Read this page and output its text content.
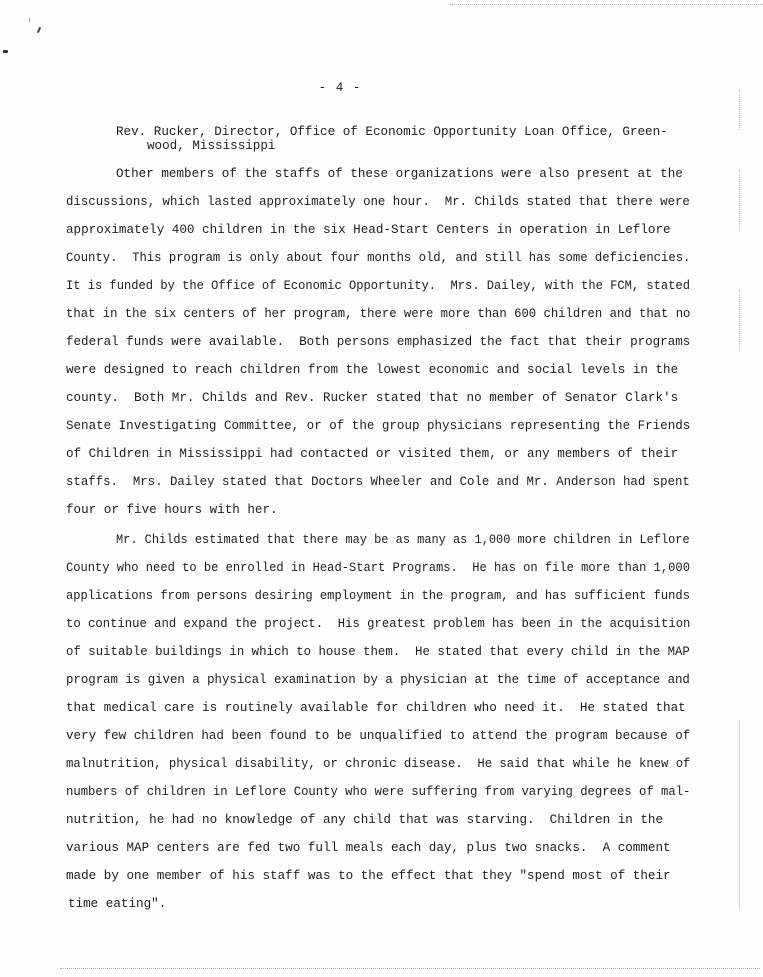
- 4 -
Rev. Rucker, Director, Office of Economic Opportunity Loan Office, Green-
wood, Mississippi
Other members of the staffs of these organizations were also present at the
discussions, which lasted approximately one hour.  Mr. Childs stated that there were
approximately 400 children in the six Head-Start Centers in operation in Leflore
County.  This program is only about four months old, and still has some deficiencies.
It is funded by the Office of Economic Opportunity.  Mrs. Dailey, with the FCM, stated
that in the six centers of her program, there were more than 600 children and that no
federal funds were available.  Both persons emphasized the fact that their programs
were designed to reach children from the lowest economic and social levels in the
county.  Both Mr. Childs and Rev. Rucker stated that no member of Senator Clark's
Senate Investigating Committee, or of the group physicians representing the Friends
of Children in Mississippi had contacted or visited them, or any members of their
staffs.  Mrs. Dailey stated that Doctors Wheeler and Cole and Mr. Anderson had spent
four or five hours with her.
Mr. Childs estimated that there may be as many as 1,000 more children in Leflore
County who need to be enrolled in Head-Start Programs.  He has on file more than 1,000
applications from persons desiring employment in the program, and has sufficient funds
to continue and expand the project.  His greatest problem has been in the acquisition
of suitable buildings in which to house them.  He stated that every child in the MAP
program is given a physical examination by a physician at the time of acceptance and
that medical care is routinely available for children who need it.  He stated that
very few children had been found to be unqualified to attend the program because of
malnutrition, physical disability, or chronic disease.  He said that while he knew of
numbers of children in Leflore County who were suffering from varying degrees of mal-
nutrition, he had no knowledge of any child that was starving.  Children in the
various MAP centers are fed two full meals each day, plus two snacks.  A comment
made by one member of his staff was to the effect that they "spend most of their
time eating".
